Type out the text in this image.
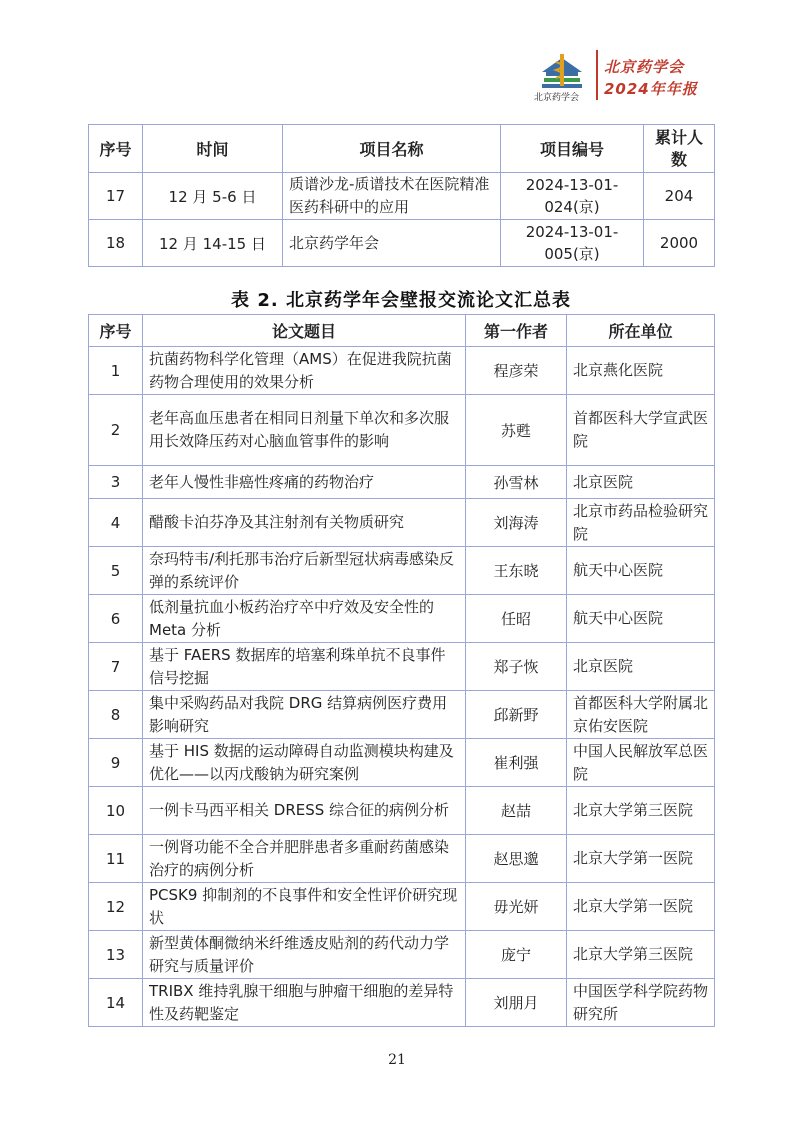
北京药学会
北京药学会
2024年年报
序号	时间	项目名称	项目编号	累计人数
17	12 月 5-6 日	质谱沙龙-质谱技术在医院精准医药科研中的应用	2024-13-01-024(京)	204
18	12 月 14-15 日	北京药学年会	2024-13-01-005(京)	2000
表 2. 北京药学年会壁报交流论文汇总表
序号	论文题目	第一作者	所在单位
1	抗菌药物科学化管理（AMS）在促进我院抗菌药物合理使用的效果分析	程彦荣	北京燕化医院
2	老年高血压患者在相同日剂量下单次和多次服用长效降压药对心脑血管事件的影响	苏甦	首都医科大学宣武医院
3	老年人慢性非癌性疼痛的药物治疗	孙雪林	北京医院
4	醋酸卡泊芬净及其注射剂有关物质研究	刘海涛	北京市药品检验研究院
5	奈玛特韦/利托那韦治疗后新型冠状病毒感染反弹的系统评价	王东晓	航天中心医院
6	低剂量抗血小板药治疗卒中疗效及安全性的 Meta 分析	任昭	航天中心医院
7	基于 FAERS 数据库的培塞利珠单抗不良事件信号挖掘	郑子恢	北京医院
8	集中采购药品对我院 DRG 结算病例医疗费用影响研究	邱新野	首都医科大学附属北京佑安医院
9	基于 HIS 数据的运动障碍自动监测模块构建及优化——以丙戊酸钠为研究案例	崔利强	中国人民解放军总医院
10	一例卡马西平相关 DRESS 综合征的病例分析	赵喆	北京大学第三医院
11	一例肾功能不全合并肥胖患者多重耐药菌感染治疗的病例分析	赵思邈	北京大学第一医院
12	PCSK9 抑制剂的不良事件和安全性评价研究现状	毋光妍	北京大学第一医院
13	新型黄体酮微纳米纤维透皮贴剂的药代动力学研究与质量评价	庞宁	北京大学第三医院
14	TRIBX 维持乳腺干细胞与肿瘤干细胞的差异特性及药靶鉴定	刘朋月	中国医学科学院药物研究所
21
